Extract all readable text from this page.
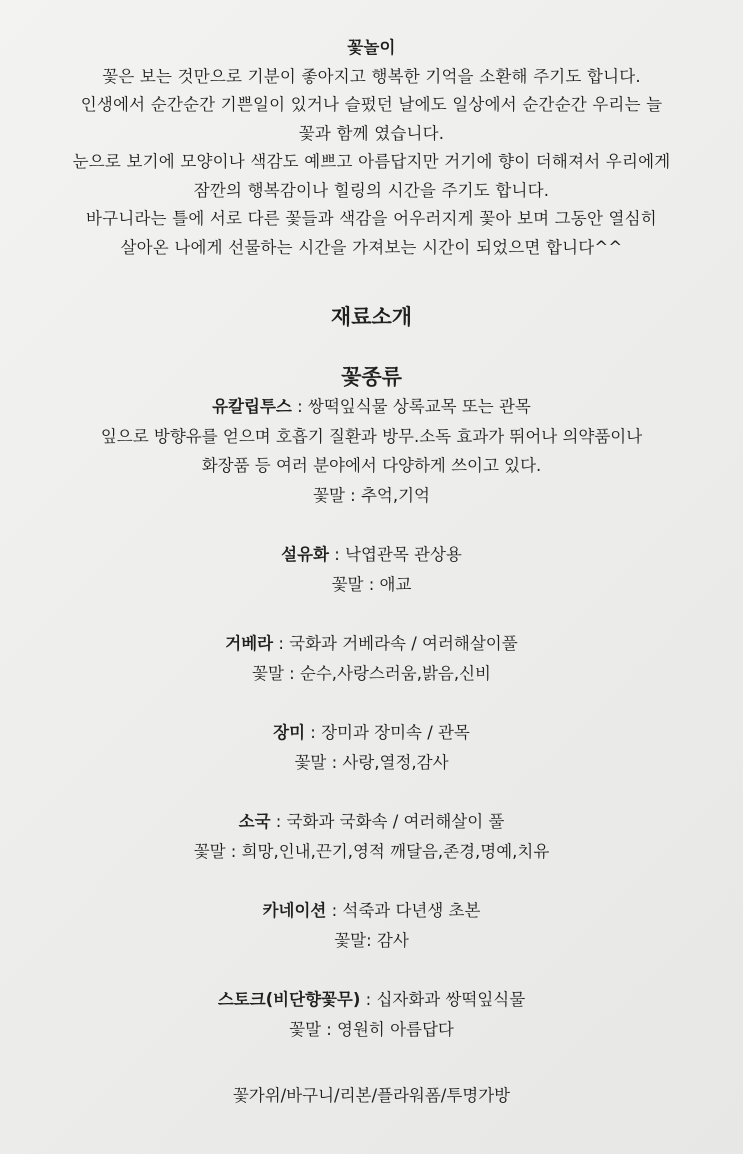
꽃놀이

꽃은 보는 것만으로 기분이 좋아지고 행복한 기억을 소환해 주기도 합니다.

인생에서 순간순간 기쁜일이 있거나 슬펐던 날에도 일상에서 순간순간 우리는 늘

꽃과 함께 였습니다.

눈으로 보기에 모양이나 색감도 예쁘고 아름답지만 거기에 향이 더해져서 우리에게

잠깐의 행복감이나 힐링의 시간을 주기도 합니다.

바구니라는 틀에 서로 다른 꽃들과 색감을 어우러지게 꽃아 보며 그동안 열심히

살아온 나에게 선물하는 시간을 가져보는 시간이 되었으면 합니다^^

재료소개

꽃종류

유칼립투스 : 쌍떡잎식물 상록교목 또는 관목

잎으로 방향유를 얻으며 호흡기 질환과 방무.소독 효과가 뛰어나 의약품이나

화장품 등 여러 분야에서 다양하게 쓰이고 있다.

꽃말 : 추억,기억

설유화 : 낙엽관목 관상용

꽃말 : 애교

거베라 : 국화과 거베라속 / 여러해살이풀

꽃말 : 순수,사랑스러움,밝음,신비

장미 : 장미과 장미속 / 관목

꽃말 : 사랑,열정,감사

소국 : 국화과 국화속 / 여러해살이 풀

꽃말 : 희망,인내,끈기,영적 깨달음,존경,명예,치유

카네이션 : 석죽과 다년생 초본

꽃말: 감사

스토크(비단향꽃무) : 십자화과 쌍떡잎식물

꽃말 : 영원히 아름답다

꽃가위/바구니/리본/플라워폼/투명가방
